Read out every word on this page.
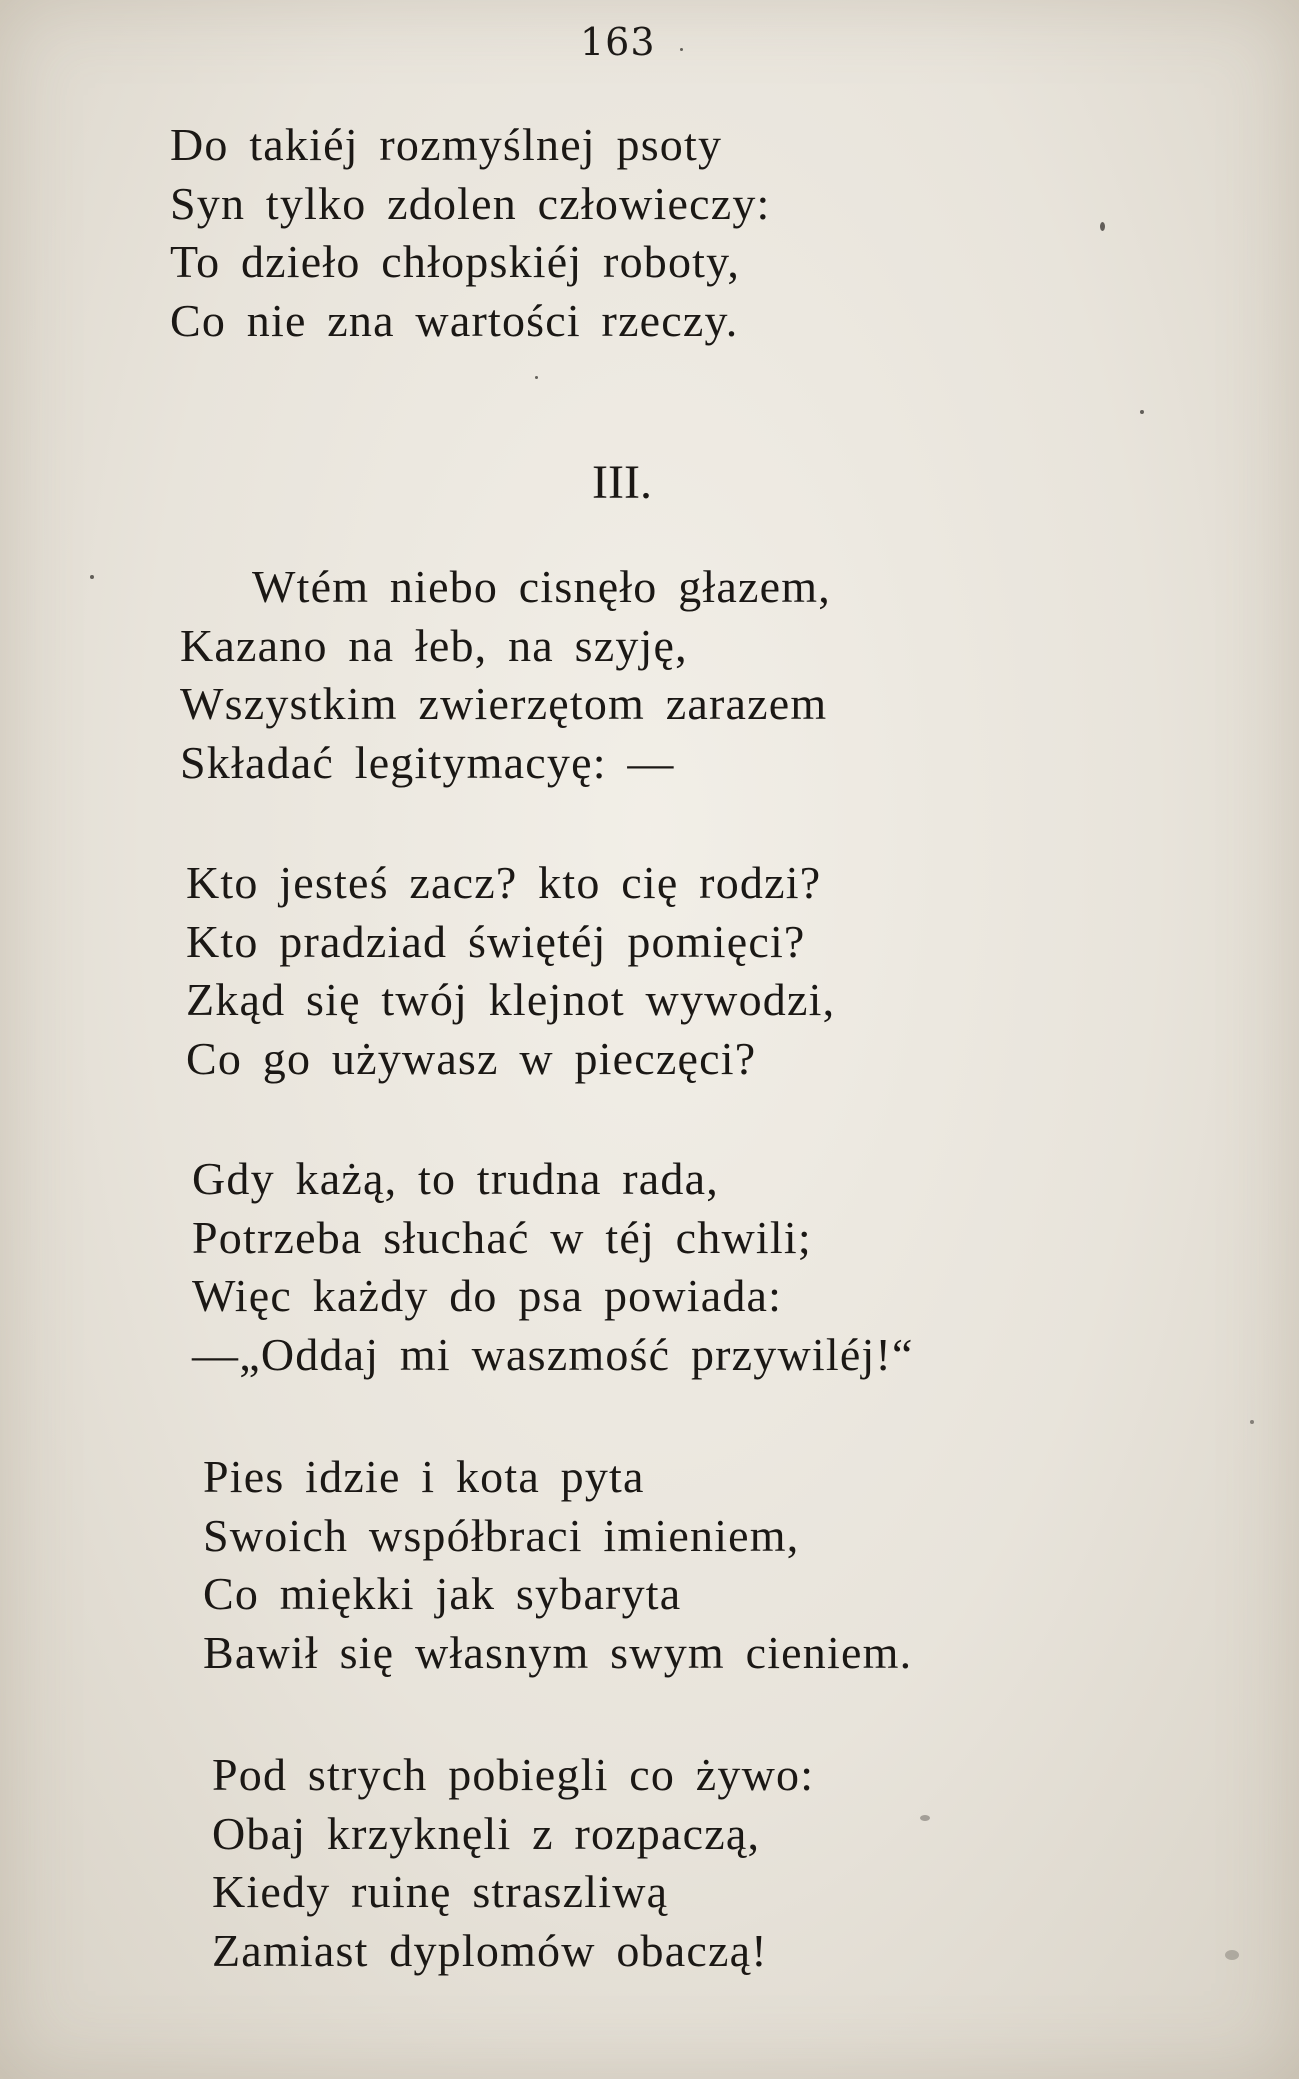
163
Do takiéj rozmyślnej psoty
Syn tylko zdolen człowieczy:
To dzieło chłopskiéj roboty,
Co nie zna wartości rzeczy.
III.
Wtém niebo cisnęło głazem,
Kazano na łeb, na szyję,
Wszystkim zwierzętom zarazem
Składać legitymacyę: —
Kto jesteś zacz? kto cię rodzi?
Kto pradziad świętéj pomięci?
Zkąd się twój klejnot wywodzi,
Co go używasz w pieczęci?
Gdy każą, to trudna rada,
Potrzeba słuchać w téj chwili;
Więc każdy do psa powiada:
—„Oddaj mi waszmość przywiléj!“
Pies idzie i kota pyta
Swoich współbraci imieniem,
Co miękki jak sybaryta
Bawił się własnym swym cieniem.
Pod strych pobiegli co żywo:
Obaj krzyknęli z rozpaczą,
Kiedy ruinę straszliwą
Zamiast dyplomów obaczą!
